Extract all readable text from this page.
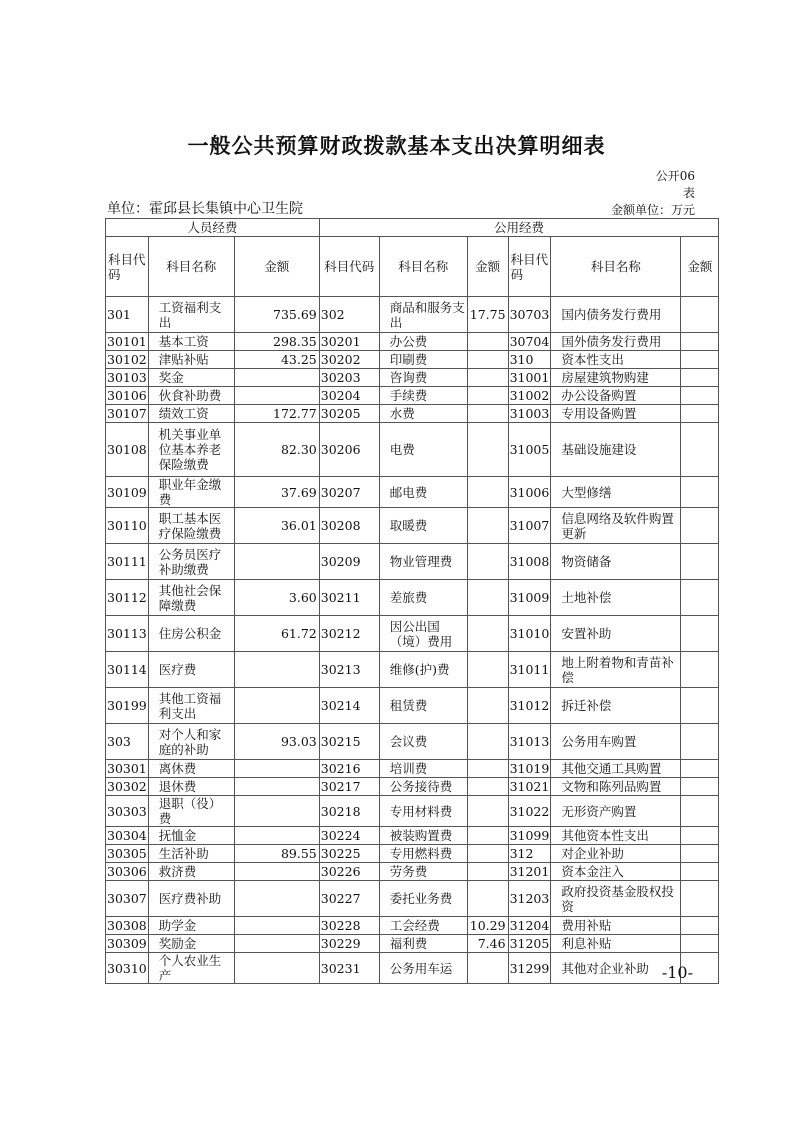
一般公共预算财政拨款基本支出决算明细表
公开06表
单位：霍邱县长集镇中心卫生院	金额单位：万元
人员经费			公用经费					
科目代码	科目名称	金额	科目代码	科目名称	金额	科目代码	科目名称	金额
301	工资福利支出	735.69	302	商品和服务支出	17.75	30703	国内债务发行费用	
30101	基本工资	298.35	30201	办公费		30704	国外债务发行费用	
30102	津贴补贴	43.25	30202	印刷费		310	资本性支出	
30103	奖金		30203	咨询费		31001	房屋建筑物购建	
30106	伙食补助费		30204	手续费		31002	办公设备购置	
30107	绩效工资	172.77	30205	水费		31003	专用设备购置	
30108	机关事业单位基本养老保险缴费	82.30	30206	电费		31005	基础设施建设	
30109	职业年金缴费	37.69	30207	邮电费		31006	大型修缮	
30110	职工基本医疗保险缴费	36.01	30208	取暖费		31007	信息网络及软件购置更新	
30111	公务员医疗补助缴费		30209	物业管理费		31008	物资储备	
30112	其他社会保障缴费	3.60	30211	差旅费		31009	土地补偿	
30113	住房公积金	61.72	30212	因公出国（境）费用		31010	安置补助	
30114	医疗费		30213	维修(护)费		31011	地上附着物和青苗补偿	
30199	其他工资福利支出		30214	租赁费		31012	拆迁补偿	
303	对个人和家庭的补助	93.03	30215	会议费		31013	公务用车购置	
30301	离休费		30216	培训费		31019	其他交通工具购置	
30302	退休费		30217	公务接待费		31021	文物和陈列品购置	
30303	退职（役）费		30218	专用材料费		31022	无形资产购置	
30304	抚恤金		30224	被装购置费		31099	其他资本性支出	
30305	生活补助	89.55	30225	专用燃料费		312	对企业补助	
30306	救济费		30226	劳务费		31201	资本金注入	
30307	医疗费补助		30227	委托业务费		31203	政府投资基金股权投资	
30308	助学金		30228	工会经费	10.29	31204	费用补贴	
30309	奖励金		30229	福利费	7.46	31205	利息补贴	
30310	个人农业生产		30231	公务用车运		31299	其他对企业补助	-10-
